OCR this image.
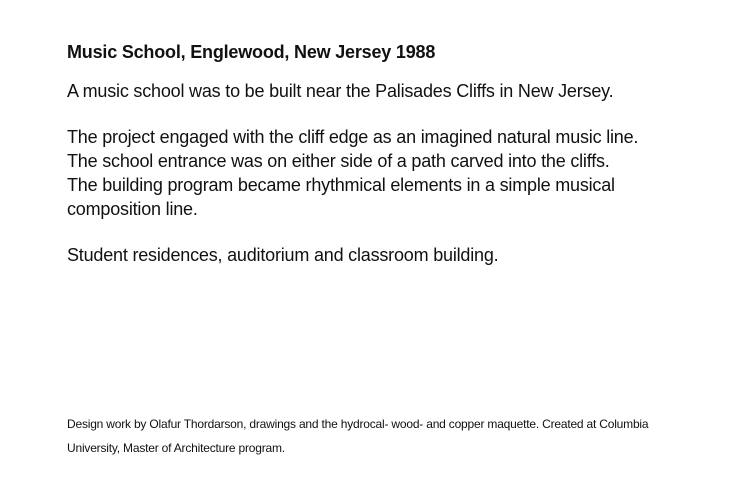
Music School, Englewood, New Jersey 1988

A music school was to be built near the Palisades Cliffs in New Jersey.

The project engaged with the cliff edge as an imagined natural music line.
The school entrance was on either side of a path carved into the cliffs.
The building program became rhythmical elements in a simple musical
composition line.

Student residences, auditorium and classroom building.

Design work by Olafur Thordarson, drawings and the hydrocal- wood- and copper maquette. Created at Columbia
University, Master of Architecture program.
